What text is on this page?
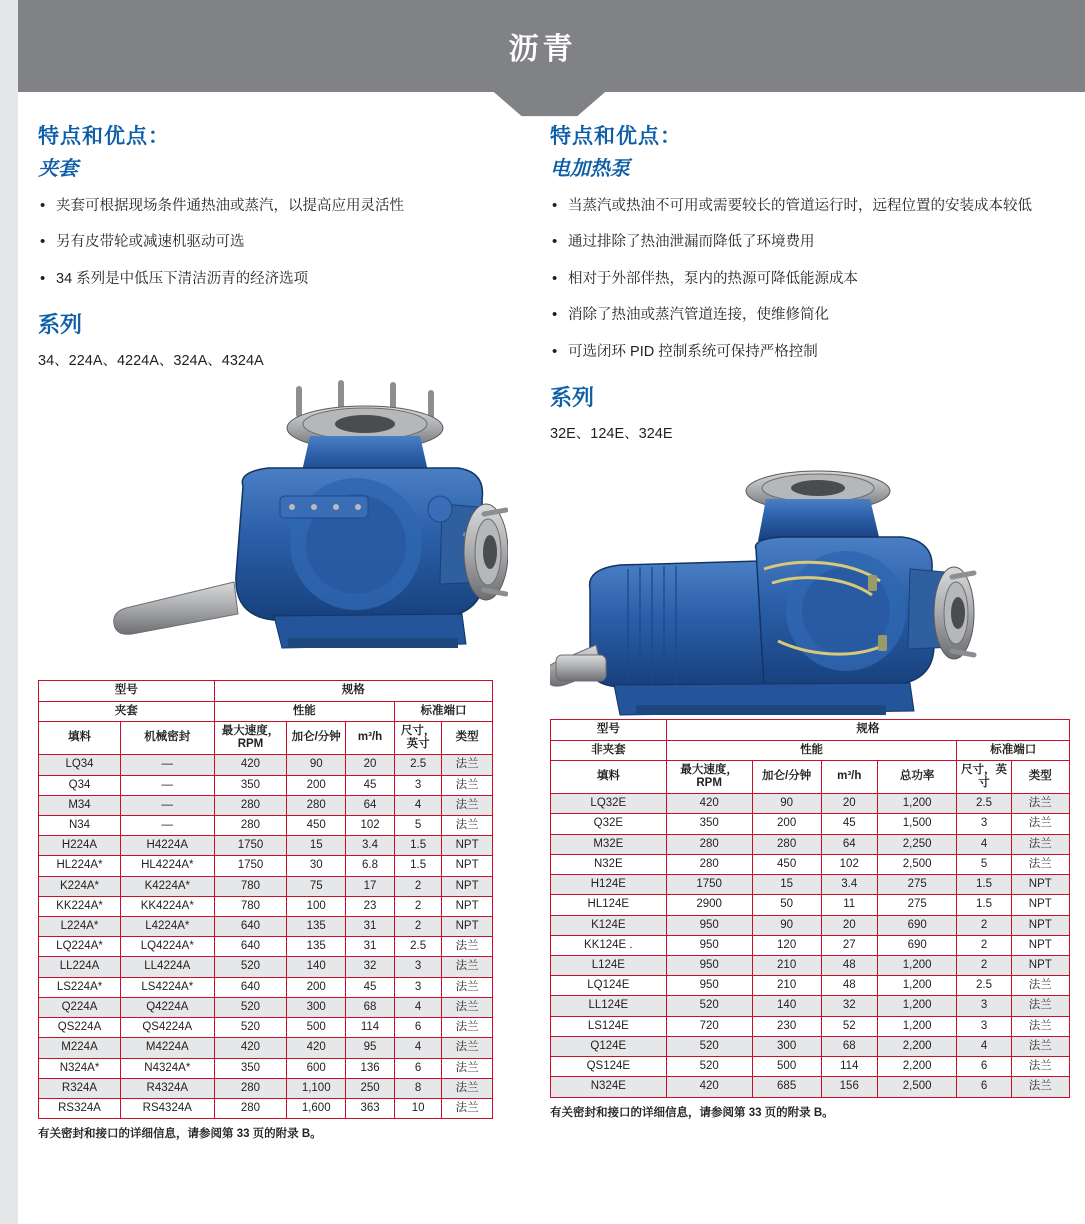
沥青
特点和优点：
夹套
• 夹套可根据现场条件通热油或蒸汽，以提高应用灵活性
• 另有皮带轮或减速机驱动可选
• 34 系列是中低压下清洁沥青的经济选项
系列
34、224A、4224A、324A、4324A
型号		规格				
夹套		性能			标准端口	
填料	机械密封	最大速度，RPM	加仑/分钟	m³/h	尺寸，英寸	类型
LQ34	—	420	90	20	2.5	法兰
Q34	—	350	200	45	3	法兰
M34	—	280	280	64	4	法兰
N34	—	280	450	102	5	法兰
H224A	H4224A	1750	15	3.4	1.5	NPT
HL224A*	HL4224A*	1750	30	6.8	1.5	NPT
K224A*	K4224A*	780	75	17	2	NPT
KK224A*	KK4224A*	780	100	23	2	NPT
L224A*	L4224A*	640	135	31	2	NPT
LQ224A*	LQ4224A*	640	135	31	2.5	法兰
LL224A	LL4224A	520	140	32	3	法兰
LS224A*	LS4224A*	640	200	45	3	法兰
Q224A	Q4224A	520	300	68	4	法兰
QS224A	QS4224A	520	500	114	6	法兰
M224A	M4224A	420	420	95	4	法兰
N324A*	N4324A*	350	600	136	6	法兰
R324A	R4324A	280	1,100	250	8	法兰
RS324A	RS4324A	280	1,600	363	10	法兰
有关密封和接口的详细信息，请参阅第 33 页的附录 B。
特点和优点：
电加热泵
• 当蒸汽或热油不可用或需要较长的管道运行时，远程位置的安装成本较低
• 通过排除了热油泄漏而降低了环境费用
• 相对于外部伴热，泵内的热源可降低能源成本
• 消除了热油或蒸汽管道连接，使维修简化
• 可选闭环 PID 控制系统可保持严格控制
系列
32E、124E、324E
型号	规格					
非夹套	性能				标准端口	
填料	最大速度，RPM	加仑/分钟	m³/h	总功率	尺寸，英寸	类型
LQ32E	420	90	20	1,200	2.5	法兰
Q32E	350	200	45	1,500	3	法兰
M32E	280	280	64	2,250	4	法兰
N32E	280	450	102	2,500	5	法兰
H124E	1750	15	3.4	275	1.5	NPT
HL124E	2900	50	11	275	1.5	NPT
K124E	950	90	20	690	2	NPT
KK124E .	950	120	27	690	2	NPT
L124E	950	210	48	1,200	2	NPT
LQ124E	950	210	48	1,200	2.5	法兰
LL124E	520	140	32	1,200	3	法兰
LS124E	720	230	52	1,200	3	法兰
Q124E	520	300	68	2,200	4	法兰
QS124E	520	500	114	2,200	6	法兰
N324E	420	685	156	2,500	6	法兰
有关密封和接口的详细信息，请参阅第 33 页的附录 B。
